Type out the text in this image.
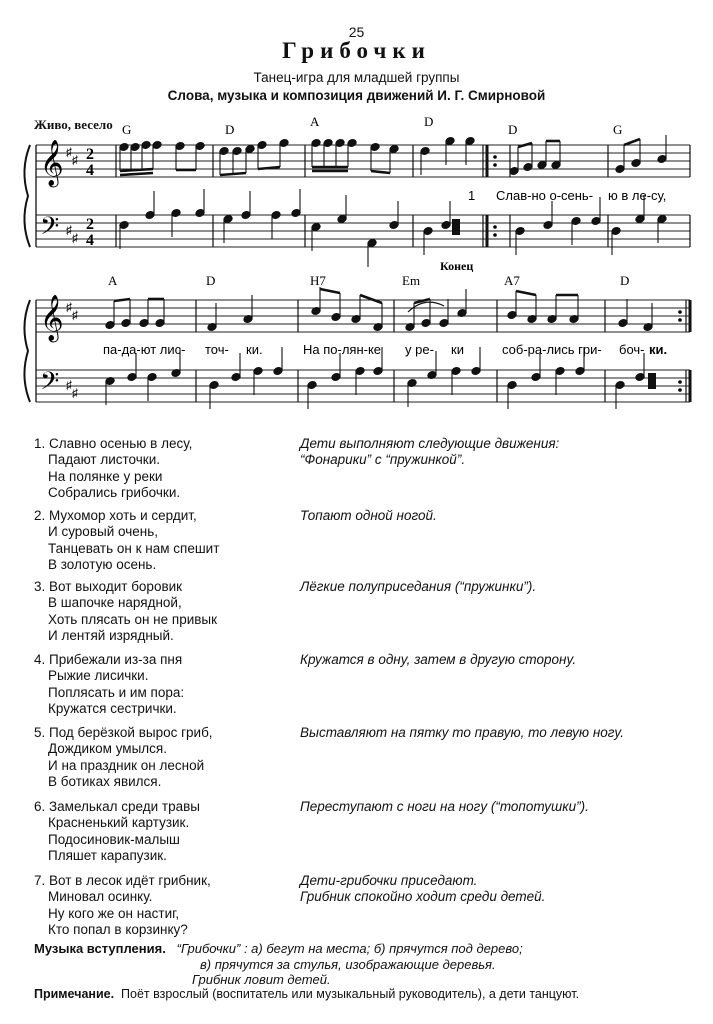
25
Грибочки
Танец-игра для младшей группы
Слова, музыка и композиция движений И. Г. Смирновой
Живо, весело
𝄞
𝄢
♯
♯
♯
♯
𝄞
𝄢
♯
♯
♯
♯
2
4
2
4
G	D
A	D
D	G
1 Слав-но о-сень- ю в ле-су,
Конец
A	D	H7	Em	A7	D
па-да-ют лис- точ- ки.	На по-лян-ке у ре- ки	соб-ра-лись гри- боч- ки.
1. Славно осенью в лесу,
Падают листочки.
На полянке у реки
Собрались грибочки.
Дети выполняют следующие движения:
“Фонарики” с “пружинкой”.
2. Мухомор хоть и сердит,
И суровый очень,
Танцевать он к нам спешит
В золотую осень.
Топают одной ногой.
3. Вот выходит боровик
В шапочке нарядной,
Хоть плясать он не привык
И лентяй изрядный.
Лёгкие полуприседания (“пружинки”).
4. Прибежали из-за пня
Рыжие лисички.
Поплясать и им пора:
Кружатся сестрички.
Кружатся в одну, затем в другую сторону.
5. Под берёзкой вырос гриб,
Дождиком умылся.
И на праздник он лесной
В ботиках явился.
Выставляют на пятку то правую, то левую ногу.
6. Замелькал среди травы
Красненький картузик.
Подосиновик-малыш
Пляшет карапузик.
Переступают с ноги на ногу (“топотушки”).
7. Вот в лесок идёт грибник,
Миновал осинку.
Ну кого же он настиг,
Кто попал в корзинку?
Дети-грибочки приседают.
Грибник спокойно ходит среди детей.
Музыка вступления. “Грибочки” : а) бегут на места; б) прячутся под дерево;
в) прячутся за стулья, изображающие деревья.
Грибник ловит детей.
Примечание. Поёт взрослый (воспитатель или музыкальный руководитель), а дети танцуют.
